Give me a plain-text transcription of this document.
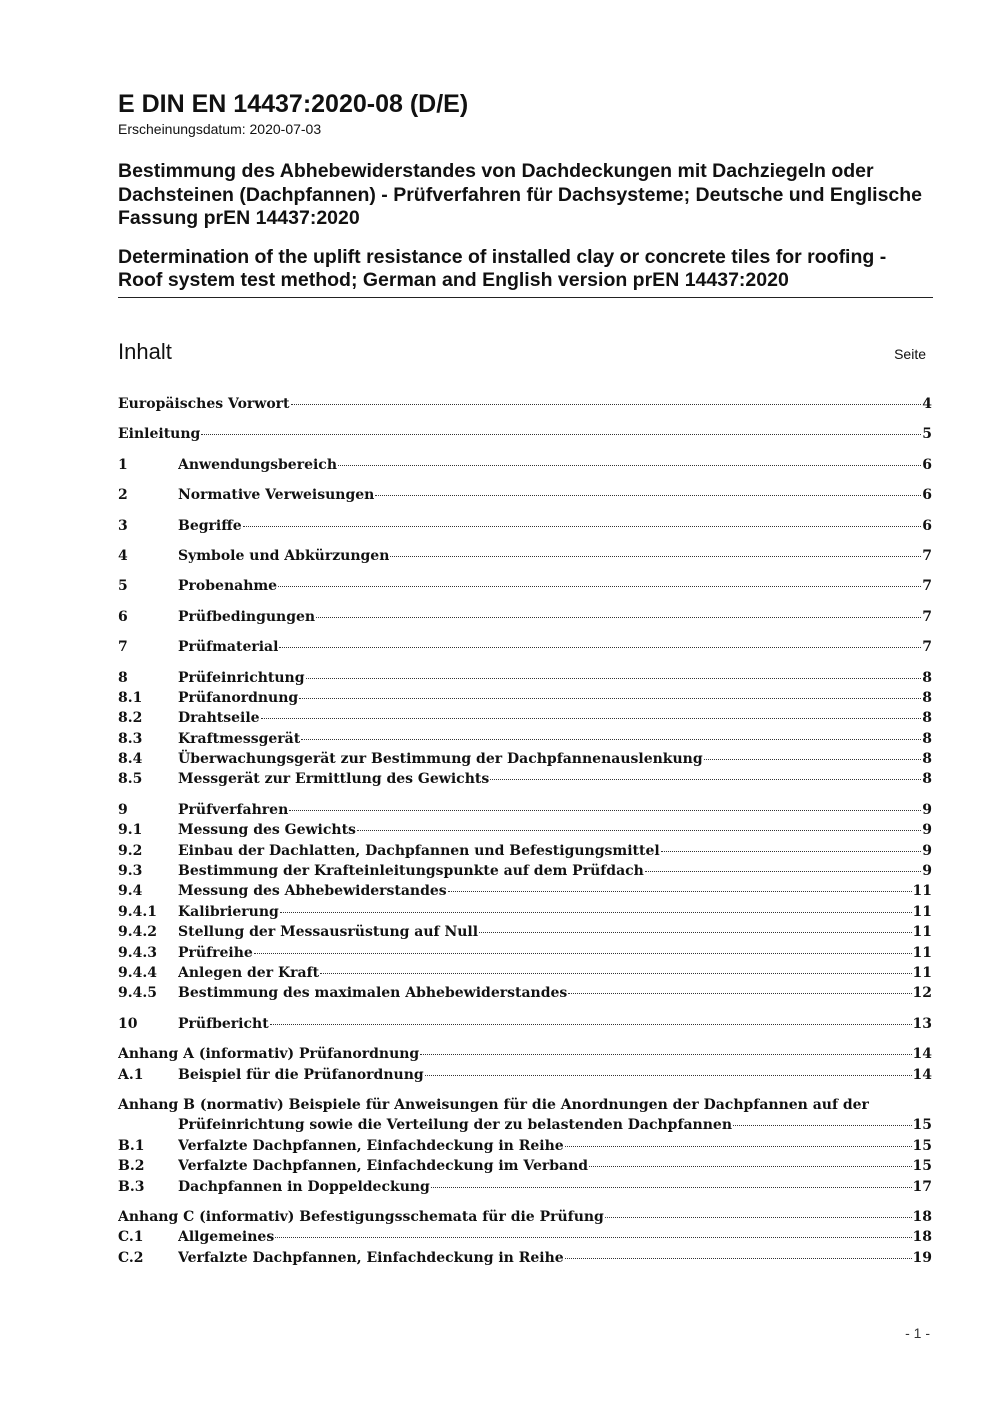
E DIN EN 14437:2020-08 (D/E)

Erscheinungsdatum: 2020-07-03

Bestimmung des Abhebewiderstandes von Dachdeckungen mit Dachziegeln oder Dachsteinen (Dachpfannen) - Prüfverfahren für Dachsysteme; Deutsche und Englische Fassung prEN 14437:2020

Determination of the uplift resistance of installed clay or concrete tiles for roofing - Roof system test method; German and English version prEN 14437:2020

Inhalt	Seite
Europäisches Vorwort	4
Einleitung	5
1	Anwendungsbereich	6
2	Normative Verweisungen	6
3	Begriffe	6
4	Symbole und Abkürzungen	7
5	Probenahme	7
6	Prüfbedingungen	7
7	Prüfmaterial	7
8	Prüfeinrichtung	8
8.1	Prüfanordnung	8
8.2	Drahtseile	8
8.3	Kraftmessgerät	8
8.4	Überwachungsgerät zur Bestimmung der Dachpfannenauslenkung	8
8.5	Messgerät zur Ermittlung des Gewichts	8
9	Prüfverfahren	9
9.1	Messung des Gewichts	9
9.2	Einbau der Dachlatten, Dachpfannen und Befestigungsmittel	9
9.3	Bestimmung der Krafteinleitungspunkte auf dem Prüfdach	9
9.4	Messung des Abhebewiderstandes	11
9.4.1	Kalibrierung	11
9.4.2	Stellung der Messausrüstung auf Null	11
9.4.3	Prüfreihe	11
9.4.4	Anlegen der Kraft	11
9.4.5	Bestimmung des maximalen Abhebewiderstandes	12
10	Prüfbericht	13
Anhang A (informativ) Prüfanordnung	14
A.1	Beispiel für die Prüfanordnung	14
Anhang B (normativ) Beispiele für Anweisungen für die Anordnungen der Dachpfannen auf der
Prüfeinrichtung sowie die Verteilung der zu belastenden Dachpfannen	15
B.1	Verfalzte Dachpfannen, Einfachdeckung in Reihe	15
B.2	Verfalzte Dachpfannen, Einfachdeckung im Verband	15
B.3	Dachpfannen in Doppeldeckung	17
Anhang C (informativ) Befestigungsschemata für die Prüfung	18
C.1	Allgemeines	18
C.2	Verfalzte Dachpfannen, Einfachdeckung in Reihe	19
- 1 -
